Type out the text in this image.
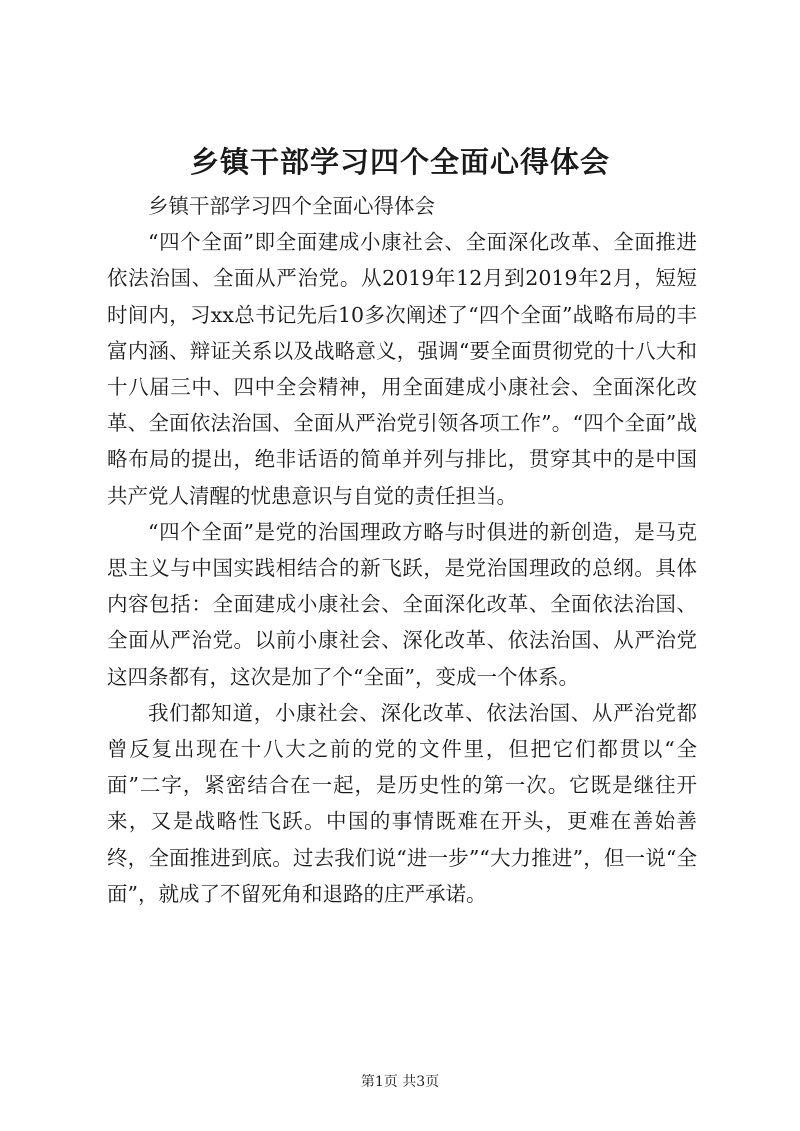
乡镇干部学习四个全面心得体会

乡镇干部学习四个全面心得体会

“四个全面”即全面建成小康社会、全面深化改革、全面推进依法治国、全面从严治党。从2019年12月到2019年2月，短短时间内，习xx总书记先后10多次阐述了“四个全面”战略布局的丰富内涵、辩证关系以及战略意义，强调“要全面贯彻党的十八大和十八届三中、四中全会精神，用全面建成小康社会、全面深化改革、全面依法治国、全面从严治党引领各项工作”。“四个全面”战略布局的提出，绝非话语的简单并列与排比，贯穿其中的是中国共产党人清醒的忧患意识与自觉的责任担当。

“四个全面”是党的治国理政方略与时俱进的新创造，是马克思主义与中国实践相结合的新飞跃，是党治国理政的总纲。具体内容包括：全面建成小康社会、全面深化改革、全面依法治国、全面从严治党。以前小康社会、深化改革、依法治国、从严治党这四条都有，这次是加了个“全面”，变成一个体系。

我们都知道，小康社会、深化改革、依法治国、从严治党都曾反复出现在十八大之前的党的文件里，但把它们都贯以“全面”二字，紧密结合在一起，是历史性的第一次。它既是继往开来，又是战略性飞跃。中国的事情既难在开头，更难在善始善终，全面推进到底。过去我们说“进一步”“大力推进”，但一说“全面”，就成了不留死角和退路的庄严承诺。

第1页 共3页
